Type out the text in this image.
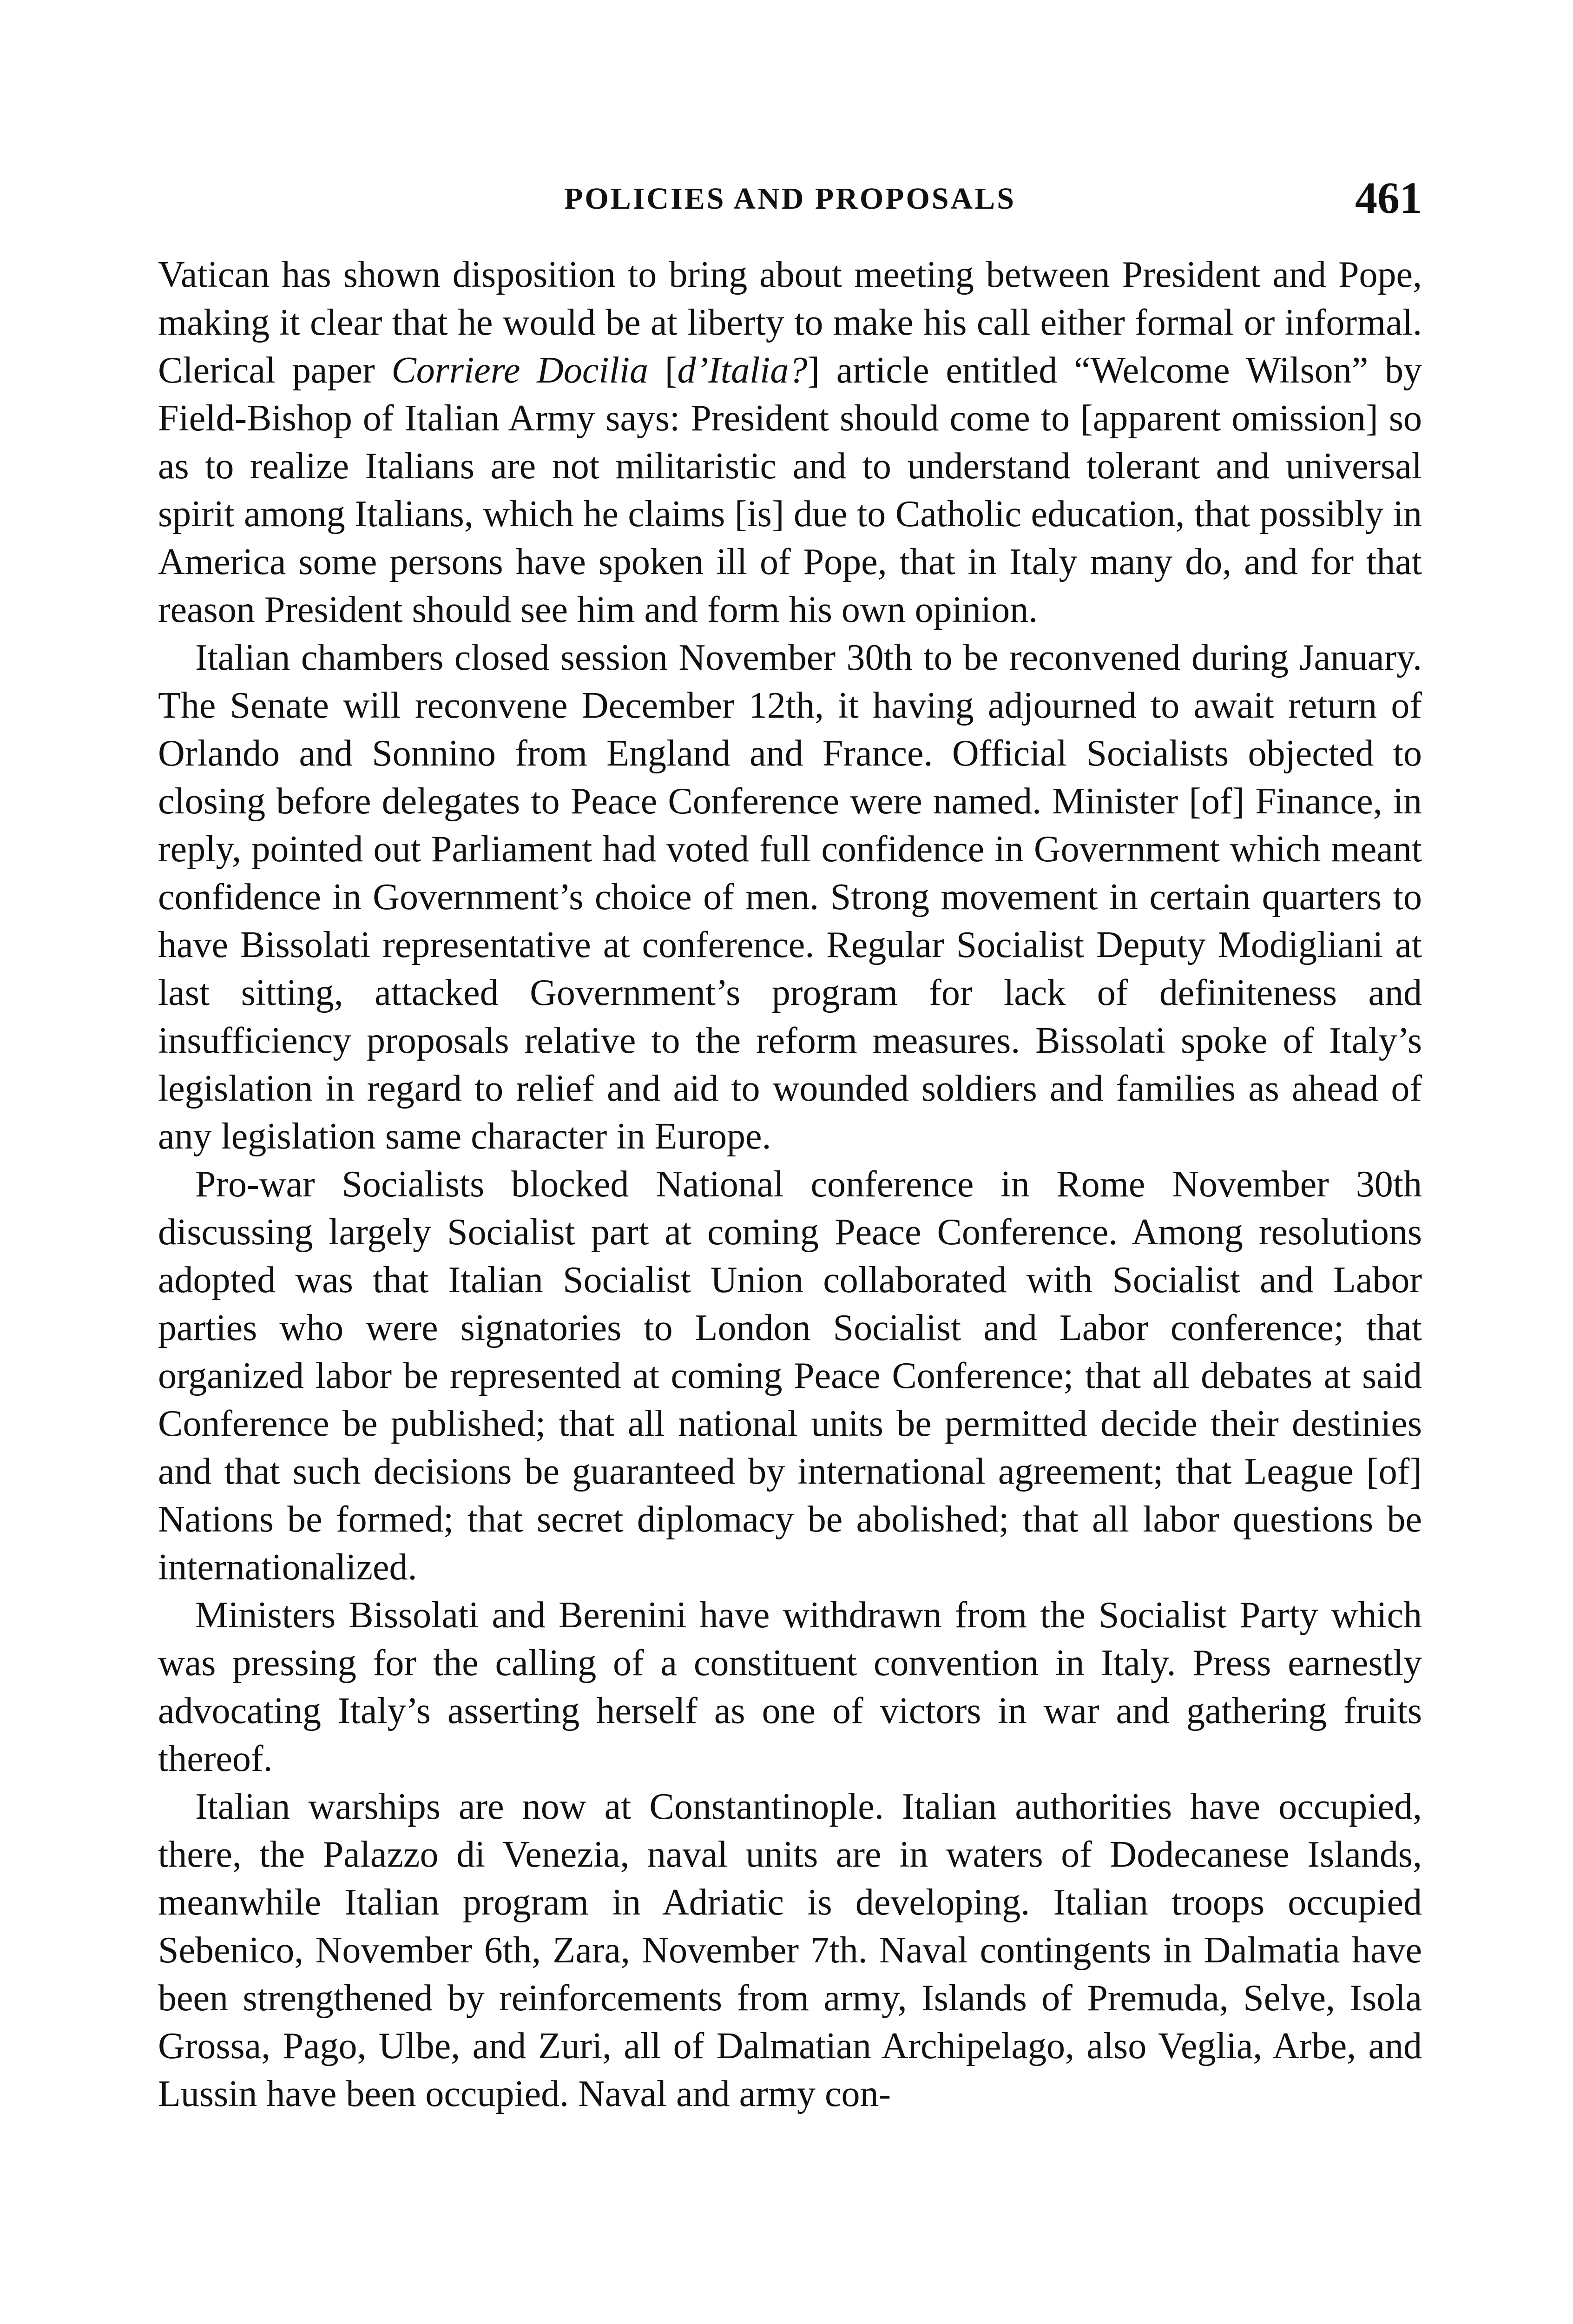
POLICIES AND PROPOSALS	461

Vatican has shown disposition to bring about meeting between President and Pope, making it clear that he would be at liberty to make his call either formal or informal. Clerical paper Corriere Docilia [d’Italia?] article entitled “Welcome Wilson” by Field-Bishop of Italian Army says: President should come to [apparent omission] so as to realize Italians are not militaristic and to understand tolerant and universal spirit among Italians, which he claims [is] due to Catholic education, that possibly in America some persons have spoken ill of Pope, that in Italy many do, and for that reason President should see him and form his own opinion.

Italian chambers closed session November 30th to be reconvened during January. The Senate will reconvene December 12th, it having adjourned to await return of Orlando and Sonnino from England and France. Official Socialists objected to closing before delegates to Peace Conference were named. Minister [of] Finance, in reply, pointed out Parliament had voted full confidence in Government which meant confidence in Government’s choice of men. Strong movement in certain quarters to have Bissolati representative at conference. Regular Socialist Deputy Modigliani at last sitting, attacked Government’s program for lack of definiteness and insufficiency proposals relative to the reform measures. Bissolati spoke of Italy’s legislation in regard to relief and aid to wounded soldiers and families as ahead of any legislation same character in Europe.

Pro-war Socialists blocked National conference in Rome November 30th discussing largely Socialist part at coming Peace Conference. Among resolutions adopted was that Italian Socialist Union collaborated with Socialist and Labor parties who were signatories to London Socialist and Labor conference; that organized labor be represented at coming Peace Conference; that all debates at said Conference be published; that all national units be permitted decide their destinies and that such decisions be guaranteed by international agreement; that League [of] Nations be formed; that secret diplomacy be abolished; that all labor questions be internationalized.

Ministers Bissolati and Berenini have withdrawn from the Socialist Party which was pressing for the calling of a constituent convention in Italy. Press earnestly advocating Italy’s asserting herself as one of victors in war and gathering fruits thereof.

Italian warships are now at Constantinople. Italian authorities have occupied, there, the Palazzo di Venezia, naval units are in waters of Dodecanese Islands, meanwhile Italian program in Adriatic is developing. Italian troops occupied Sebenico, November 6th, Zara, November 7th. Naval contingents in Dalmatia have been strengthened by reinforcements from army, Islands of Premuda, Selve, Isola Grossa, Pago, Ulbe, and Zuri, all of Dalmatian Archipelago, also Veglia, Arbe, and Lussin have been occupied. Naval and army con-
